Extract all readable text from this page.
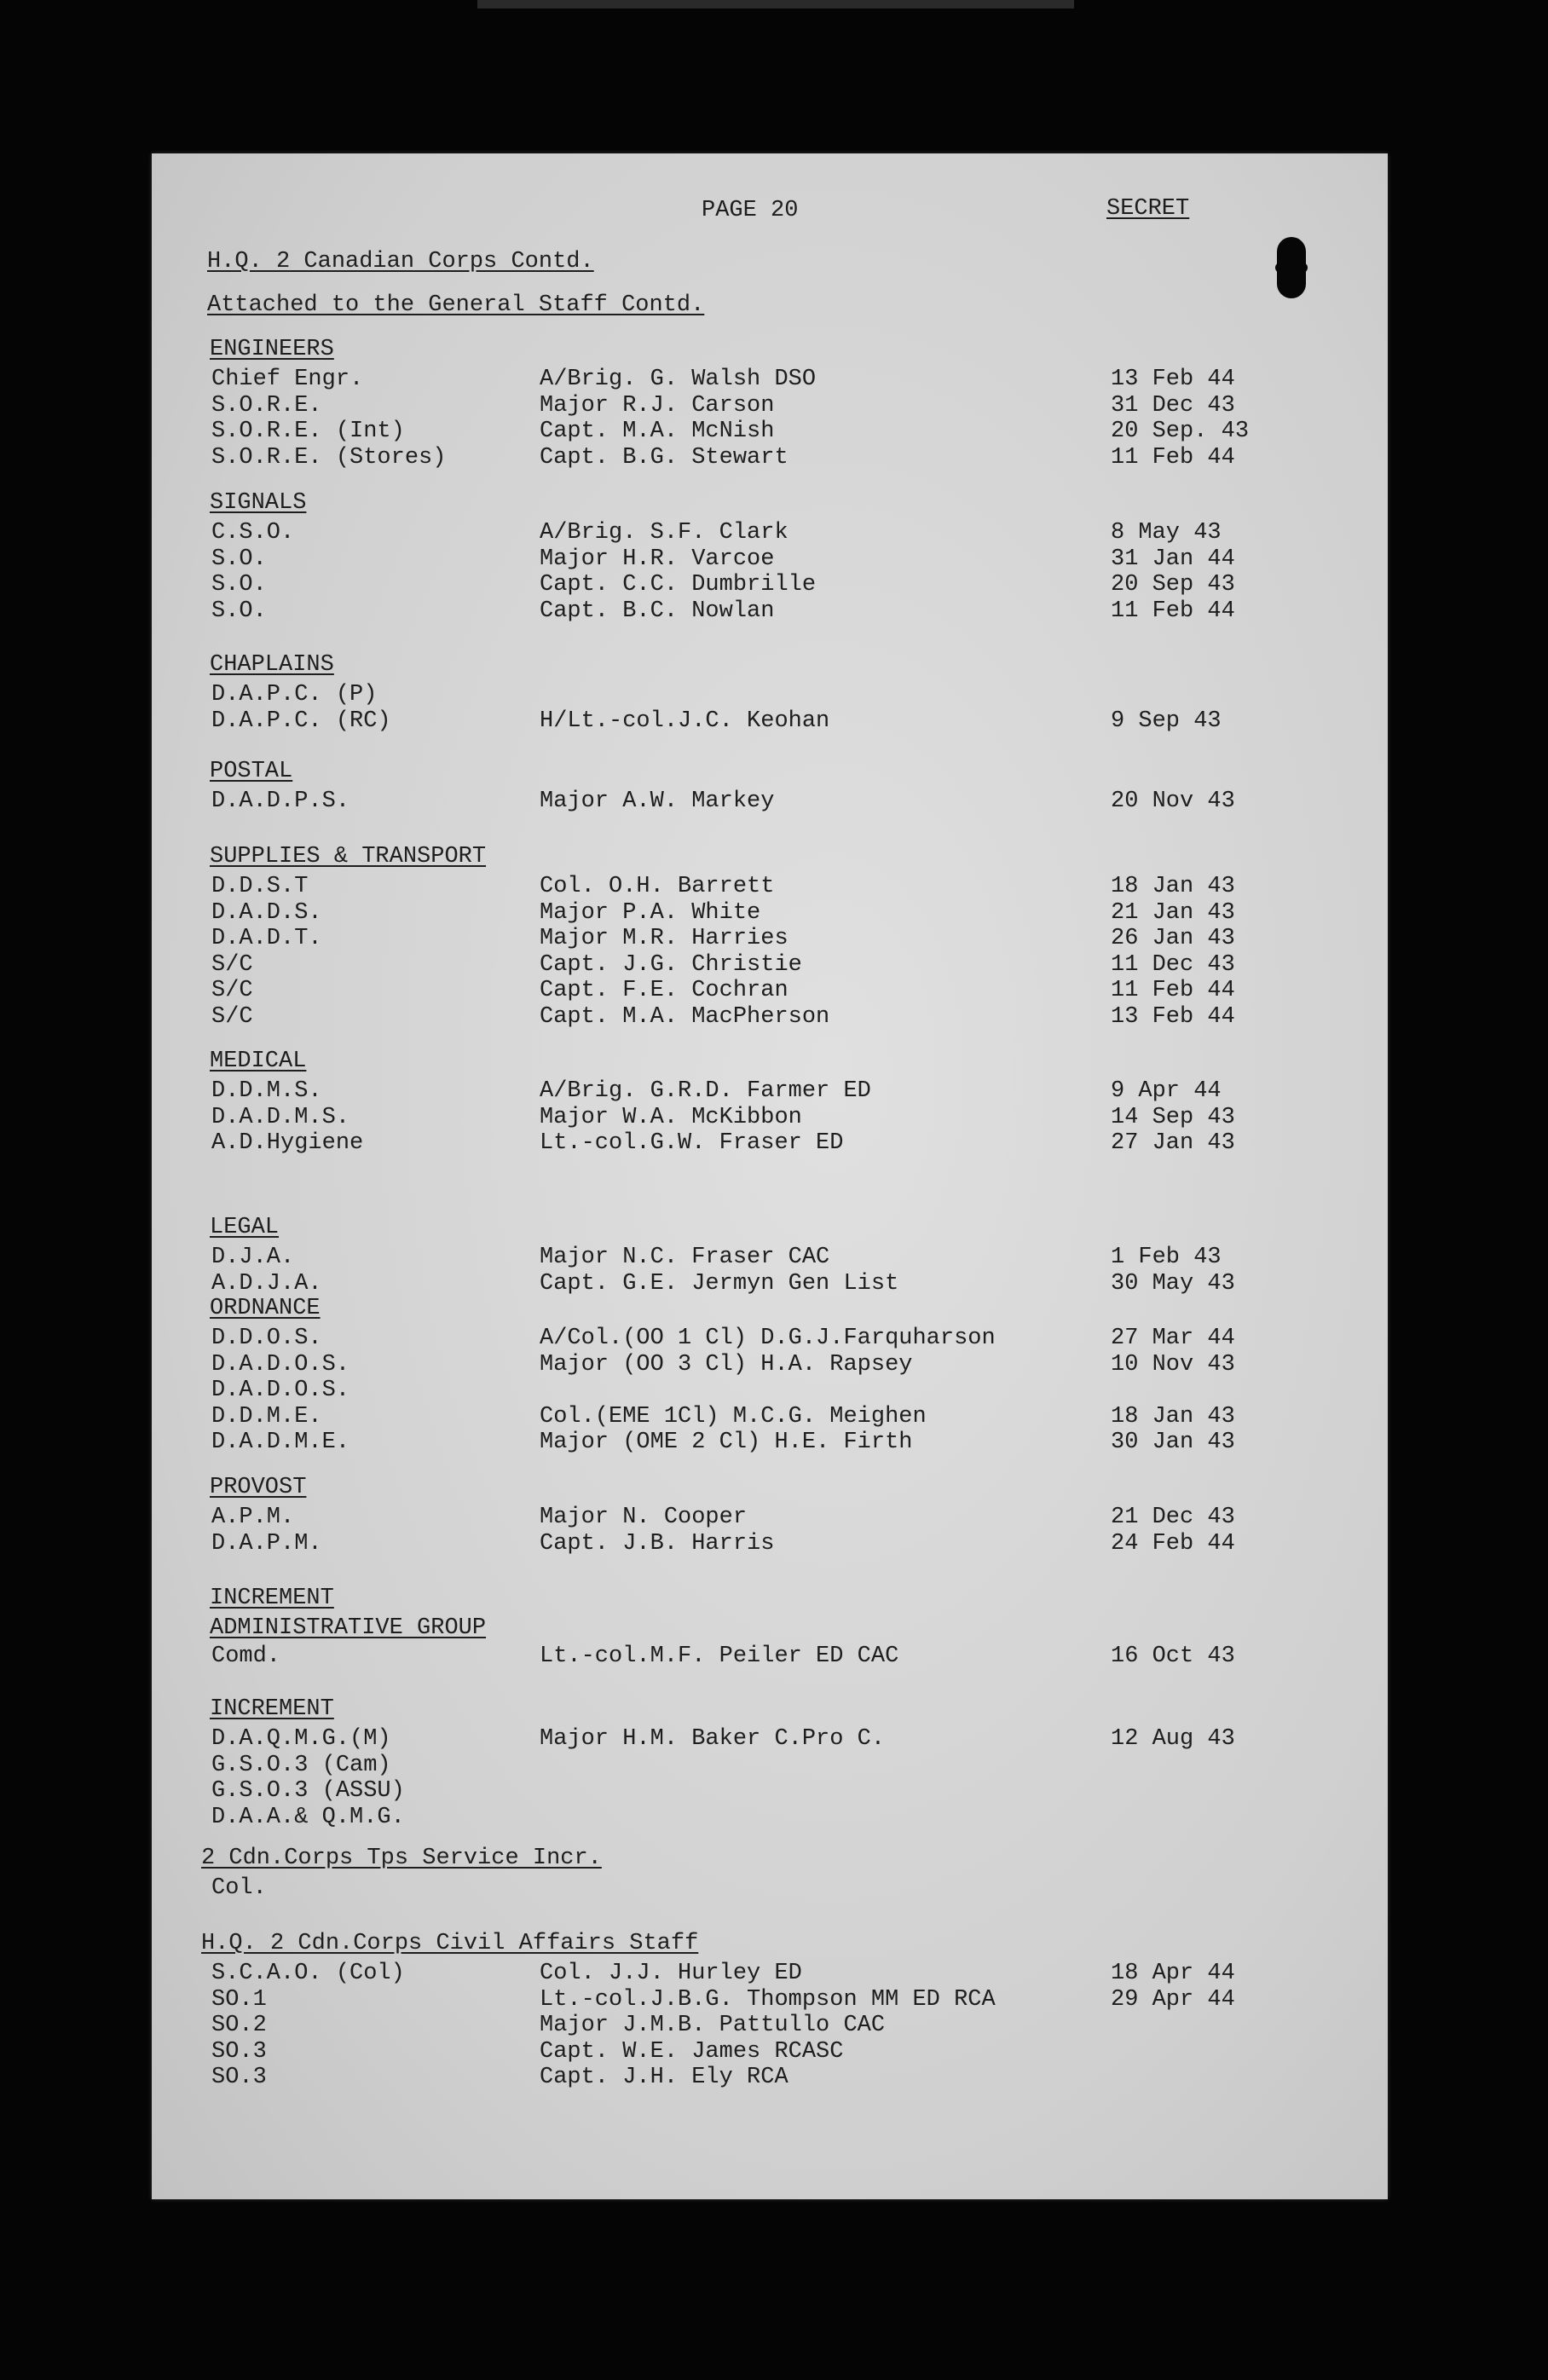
PAGE 20	SECRET
H.Q. 2 Canadian Corps Contd.
Attached to the General Staff Contd.
ENGINEERS
Chief Engr.	A/Brig. G. Walsh DSO	13 Feb 44
S.O.R.E.	Major R.J. Carson	31 Dec 43
S.O.R.E. (Int)	Capt. M.A. McNish	20 Sep. 43
S.O.R.E. (Stores)	Capt. B.G. Stewart	11 Feb 44
SIGNALS
C.S.O.	A/Brig. S.F. Clark	8 May 43
S.O.	Major H.R. Varcoe	31 Jan 44
S.O.	Capt. C.C. Dumbrille	20 Sep 43
S.O.	Capt. B.C. Nowlan	11 Feb 44
CHAPLAINS
D.A.P.C. (P)
D.A.P.C. (RC)	H/Lt.-col.J.C. Keohan	9 Sep 43
POSTAL
D.A.D.P.S.	Major A.W. Markey	20 Nov 43
SUPPLIES & TRANSPORT
D.D.S.T	Col. O.H. Barrett	18 Jan 43
D.A.D.S.	Major P.A. White	21 Jan 43
D.A.D.T.	Major M.R. Harries	26 Jan 43
S/C	Capt. J.G. Christie	11 Dec 43
S/C	Capt. F.E. Cochran	11 Feb 44
S/C	Capt. M.A. MacPherson	13 Feb 44
MEDICAL
D.D.M.S.	A/Brig. G.R.D. Farmer ED	9 Apr 44
D.A.D.M.S.	Major W.A. McKibbon	14 Sep 43
A.D.Hygiene	Lt.-col.G.W. Fraser ED	27 Jan 43
LEGAL
D.J.A.	Major N.C. Fraser CAC	1 Feb 43
A.D.J.A.	Capt. G.E. Jermyn Gen List	30 May 43
ORDNANCE
D.D.O.S.	A/Col.(OO 1 Cl) D.G.J.Farquharson	27 Mar 44
D.A.D.O.S.	Major (OO 3 Cl) H.A. Rapsey	10 Nov 43
D.A.D.O.S.
D.D.M.E.	Col.(EME 1Cl) M.C.G. Meighen	18 Jan 43
D.A.D.M.E.	Major (OME 2 Cl) H.E. Firth	30 Jan 43
PROVOST
A.P.M.	Major N. Cooper	21 Dec 43
D.A.P.M.	Capt. J.B. Harris	24 Feb 44
INCREMENT
ADMINISTRATIVE GROUP
Comd.	Lt.-col.M.F. Peiler ED CAC	16 Oct 43
INCREMENT
D.A.Q.M.G.(M)	Major H.M. Baker C.Pro C.	12 Aug 43
G.S.O.3 (Cam)
G.S.O.3 (ASSU)
D.A.A.& Q.M.G.
2 Cdn.Corps Tps Service Incr.
Col.
H.Q. 2 Cdn.Corps Civil Affairs Staff
S.C.A.O. (Col)	Col. J.J. Hurley ED	18 Apr 44
SO.1	Lt.-col.J.B.G. Thompson MM ED RCA	29 Apr 44
SO.2	Major J.M.B. Pattullo CAC
SO.3	Capt. W.E. James RCASC
SO.3	Capt. J.H. Ely RCA
